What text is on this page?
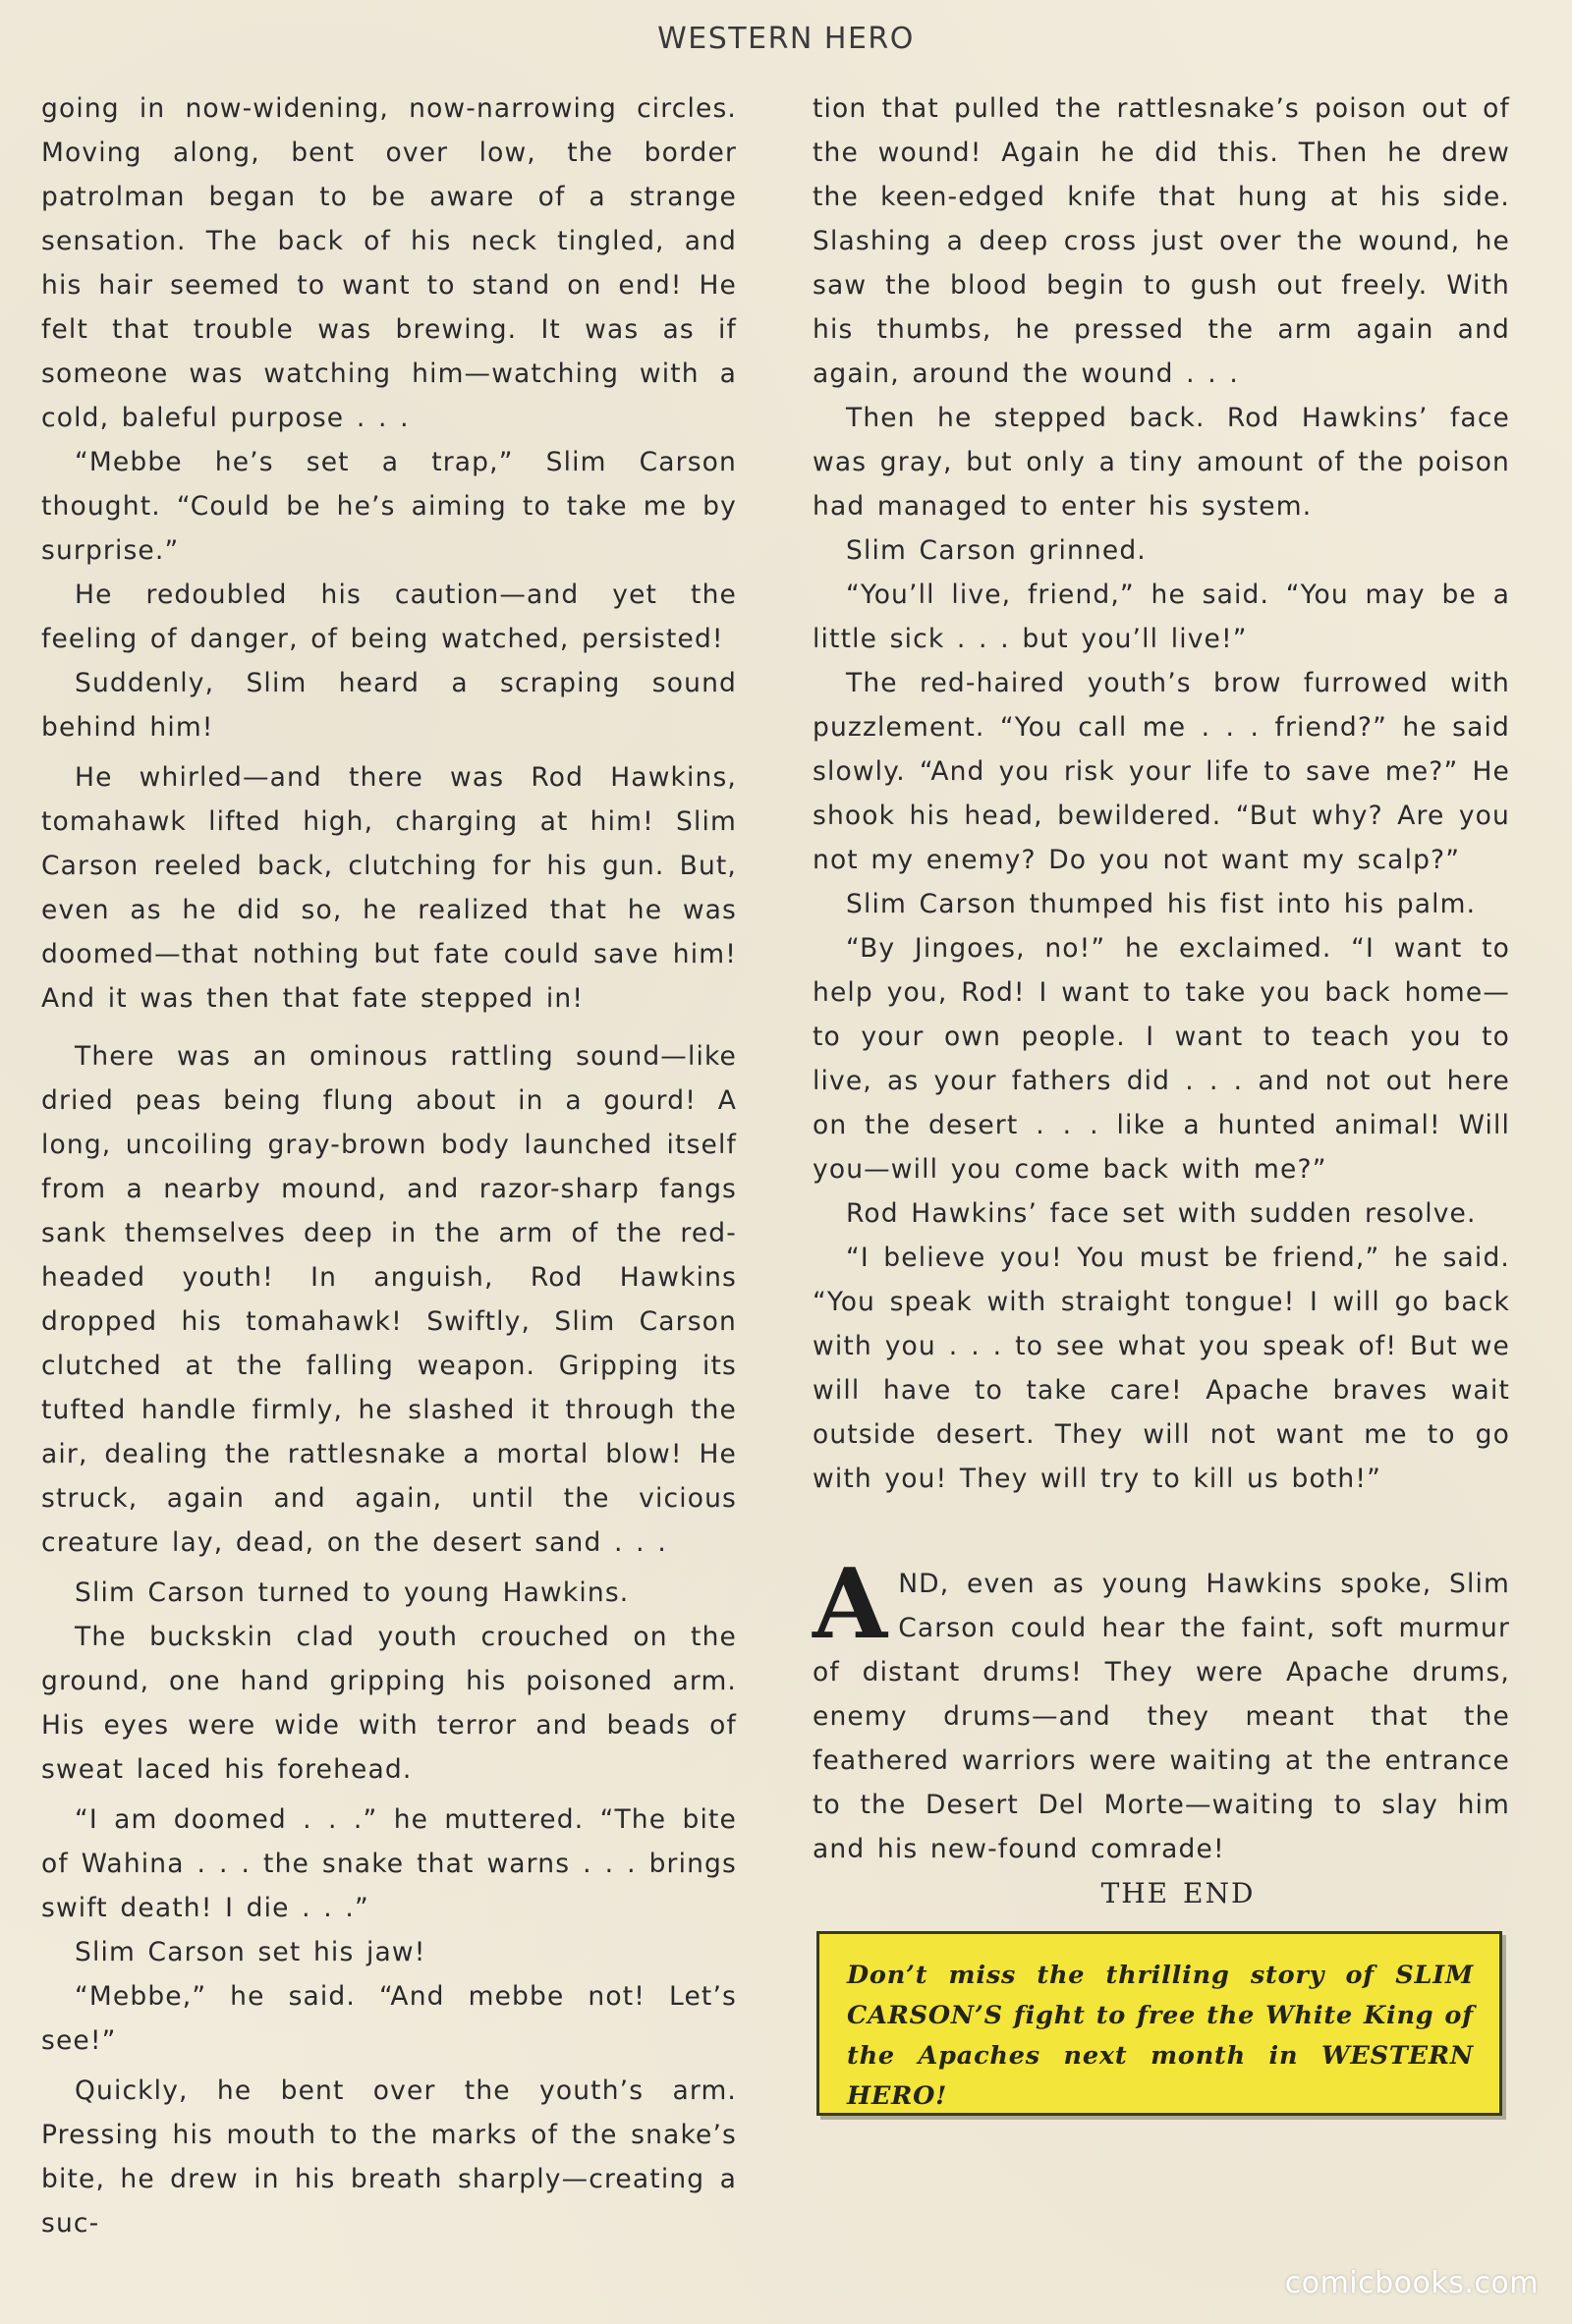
WESTERN HERO

going in now-widening, now-narrowing circles. Moving along, bent over low, the border patrolman began to be aware of a strange sensation. The back of his neck tingled, and his hair seemed to want to stand on end! He felt that trouble was brewing. It was as if someone was watching him—watching with a cold, baleful purpose . . .

“Mebbe he’s set a trap,” Slim Carson thought. “Could be he’s aiming to take me by surprise.”

He redoubled his caution—and yet the feeling of danger, of being watched, persisted!

Suddenly, Slim heard a scraping sound behind him!

He whirled—and there was Rod Hawkins, tomahawk lifted high, charging at him! Slim Carson reeled back, clutching for his gun. But, even as he did so, he realized that he was doomed—that nothing but fate could save him! And it was then that fate stepped in!

There was an ominous rattling sound—like dried peas being flung about in a gourd! A long, uncoiling gray-brown body launched itself from a nearby mound, and razor-sharp fangs sank themselves deep in the arm of the red-headed youth! In anguish, Rod Hawkins dropped his tomahawk! Swiftly, Slim Carson clutched at the falling weapon. Gripping its tufted handle firmly, he slashed it through the air, dealing the rattlesnake a mortal blow! He struck, again and again, until the vicious creature lay, dead, on the desert sand . . .

Slim Carson turned to young Hawkins.

The buckskin clad youth crouched on the ground, one hand gripping his poisoned arm. His eyes were wide with terror and beads of sweat laced his forehead.

“I am doomed . . .” he muttered. “The bite of Wahina . . . the snake that warns . . . brings swift death! I die . . .”

Slim Carson set his jaw!

“Mebbe,” he said. “And mebbe not! Let’s see!”

Quickly, he bent over the youth’s arm. Pressing his mouth to the marks of the snake’s bite, he drew in his breath sharply—creating a suc-

tion that pulled the rattlesnake’s poison out of the wound! Again he did this. Then he drew the keen-edged knife that hung at his side. Slashing a deep cross just over the wound, he saw the blood begin to gush out freely. With his thumbs, he pressed the arm again and again, around the wound . . .

Then he stepped back. Rod Hawkins’ face was gray, but only a tiny amount of the poison had managed to enter his system.

Slim Carson grinned.

“You’ll live, friend,” he said. “You may be a little sick . . . but you’ll live!”

The red-haired youth’s brow furrowed with puzzlement. “You call me . . . friend?” he said slowly. “And you risk your life to save me?” He shook his head, bewildered. “But why? Are you not my enemy? Do you not want my scalp?”

Slim Carson thumped his fist into his palm.

“By Jingoes, no!” he exclaimed. “I want to help you, Rod! I want to take you back home—to your own people. I want to teach you to live, as your fathers did . . . and not out here on the desert . . . like a hunted animal! Will you—will you come back with me?”

Rod Hawkins’ face set with sudden resolve.

“I believe you! You must be friend,” he said. “You speak with straight tongue! I will go back with you . . . to see what you speak of! But we will have to take care! Apache braves wait outside desert. They will not want me to go with you! They will try to kill us both!”

AND, even as young Hawkins spoke, Slim Carson could hear the faint, soft murmur of distant drums! They were Apache drums, enemy drums—and they meant that the feathered warriors were waiting at the entrance to the Desert Del Morte—waiting to slay him and his new-found comrade!

THE END

Don’t miss the thrilling story of SLIM CARSON’S fight to free the White King of the Apaches next month in WESTERN HERO!
comicbooks.com
